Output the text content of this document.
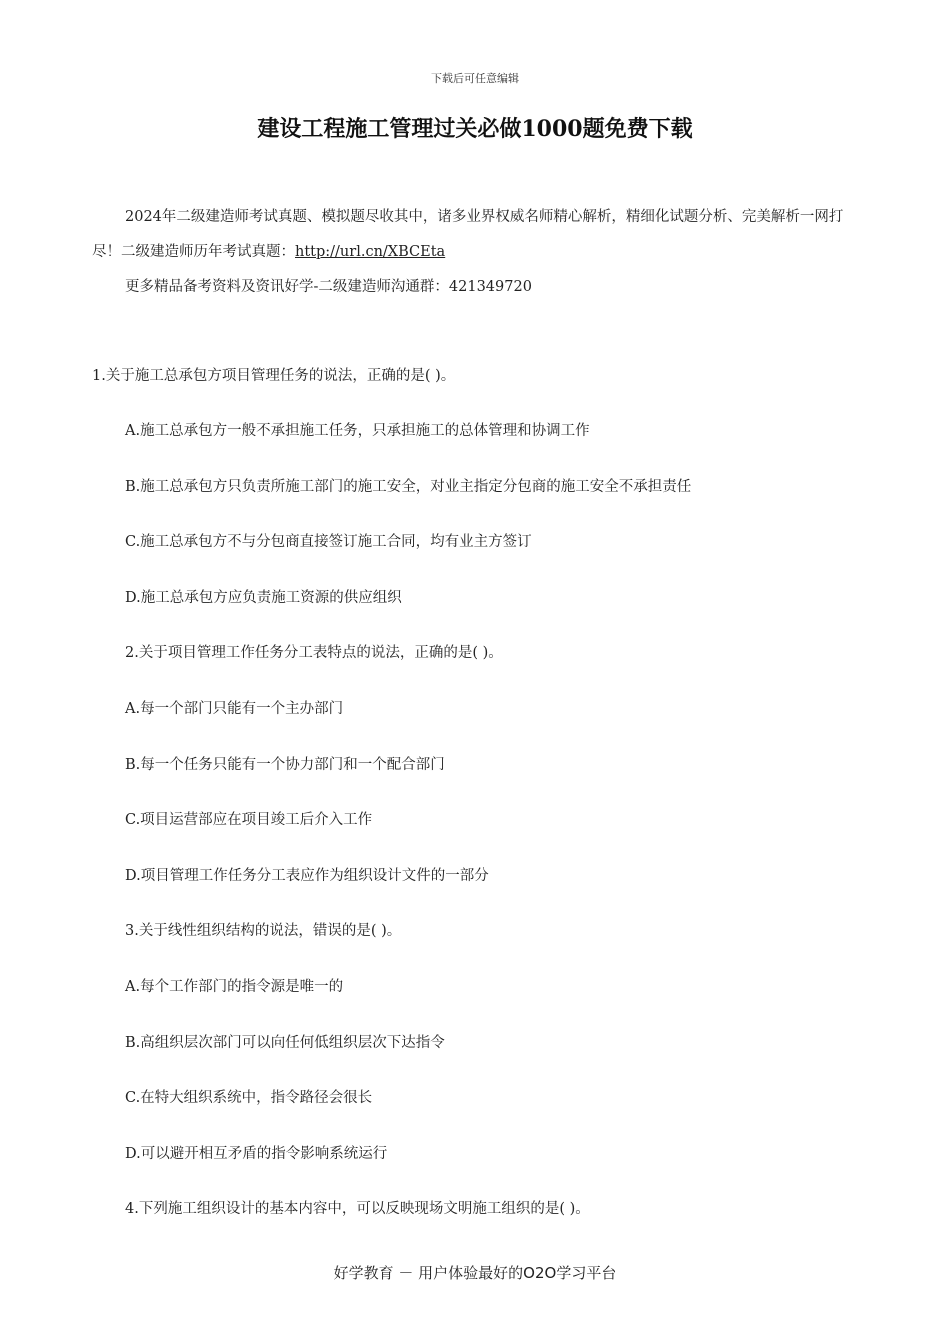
下载后可任意编辑
建设工程施工管理过关必做1000题免费下载

2024年二级建造师考试真题、模拟题尽收其中，诸多业界权威名师精心解析，精细化试题分析、完美解析一网打尽！二级建造师历年考试真题：http://url.cn/XBCEta

更多精品备考资料及资讯好学-二级建造师沟通群：421349720

1.关于施工总承包方项目管理任务的说法，正确的是( )。
A.施工总承包方一般不承担施工任务，只承担施工的总体管理和协调工作
B.施工总承包方只负责所施工部门的施工安全，对业主指定分包商的施工安全不承担责任
C.施工总承包方不与分包商直接签订施工合同，均有业主方签订
D.施工总承包方应负责施工资源的供应组织
2.关于项目管理工作任务分工表特点的说法，正确的是( )。
A.每一个部门只能有一个主办部门
B.每一个任务只能有一个协力部门和一个配合部门
C.项目运营部应在项目竣工后介入工作
D.项目管理工作任务分工表应作为组织设计文件的一部分
3.关于线性组织结构的说法，错误的是( )。
A.每个工作部门的指令源是唯一的
B.高组织层次部门可以向任何低组织层次下达指令
C.在特大组织系统中，指令路径会很长
D.可以避开相互矛盾的指令影响系统运行
4.下列施工组织设计的基本内容中，可以反映现场文明施工组织的是( )。
好学教育 － 用户体验最好的O2O学习平台
